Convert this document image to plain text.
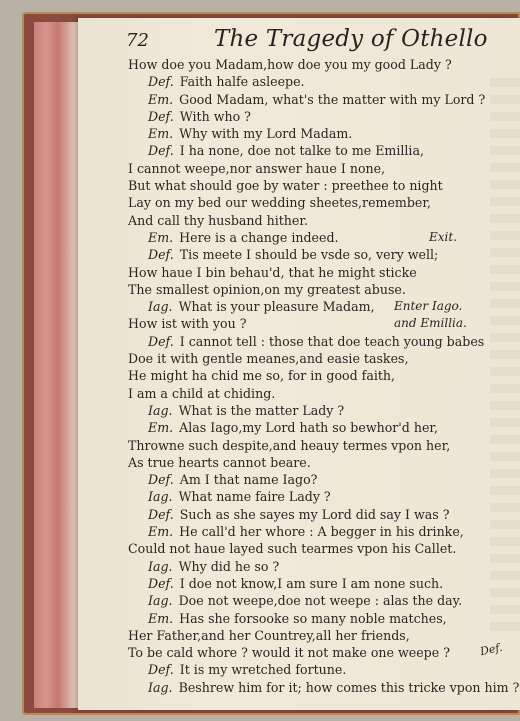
72	The Tragedy of Othello
How doe you Madam,how doe you my good Lady ?
Def. Faith halfe asleepe.
Em. Good Madam, what's the matter with my Lord ?
Def. With who ?
Em. Why with my Lord Madam.
Def. I ha none, doe not talke to me Emillia,
I cannot weepe,nor answer haue I none,
But what should goe by water : preethee to night
Lay on my bed our wedding sheetes,remember,
And call thy husband hither.
Em. Here is a change indeed.	Exit.
Def. Tis meete I should be vsde so, very well;
How haue I bin behau'd, that he might sticke
The smallest opinion,on my greatest abuse.
Iag. What is your pleasure Madam, Enter Iago.
How ist with you ?	and Emillia.
Def. I cannot tell : those that doe teach young babes
Doe it with gentle meanes,and easie taskes,
He might ha chid me so, for in good faith,
I am a child at chiding.
Iag. What is the matter Lady ?
Em. Alas Iago,my Lord hath so bewhor'd her,
Throwne such despite,and heauy termes vpon her,
As true hearts cannot beare.
Def. Am I that name Iago?
Iag. What name faire Lady ?
Def. Such as she sayes my Lord did say I was ?
Em. He call'd her whore : A begger in his drinke,
Could not haue layed such tearmes vpon his Callet.
Iag. Why did he so ?
Def. I doe not know,I am sure I am none such.
Iag. Doe not weepe,doe not weepe : alas the day.
Em. Has she forsooke so many noble matches,
Her Father,and her Countrey,all her friends,
To be cald whore ? would it not make one weepe ?
Def. It is my wretched fortune.
Iag. Beshrew him for it; how comes this tricke vpon him ?
Def.
